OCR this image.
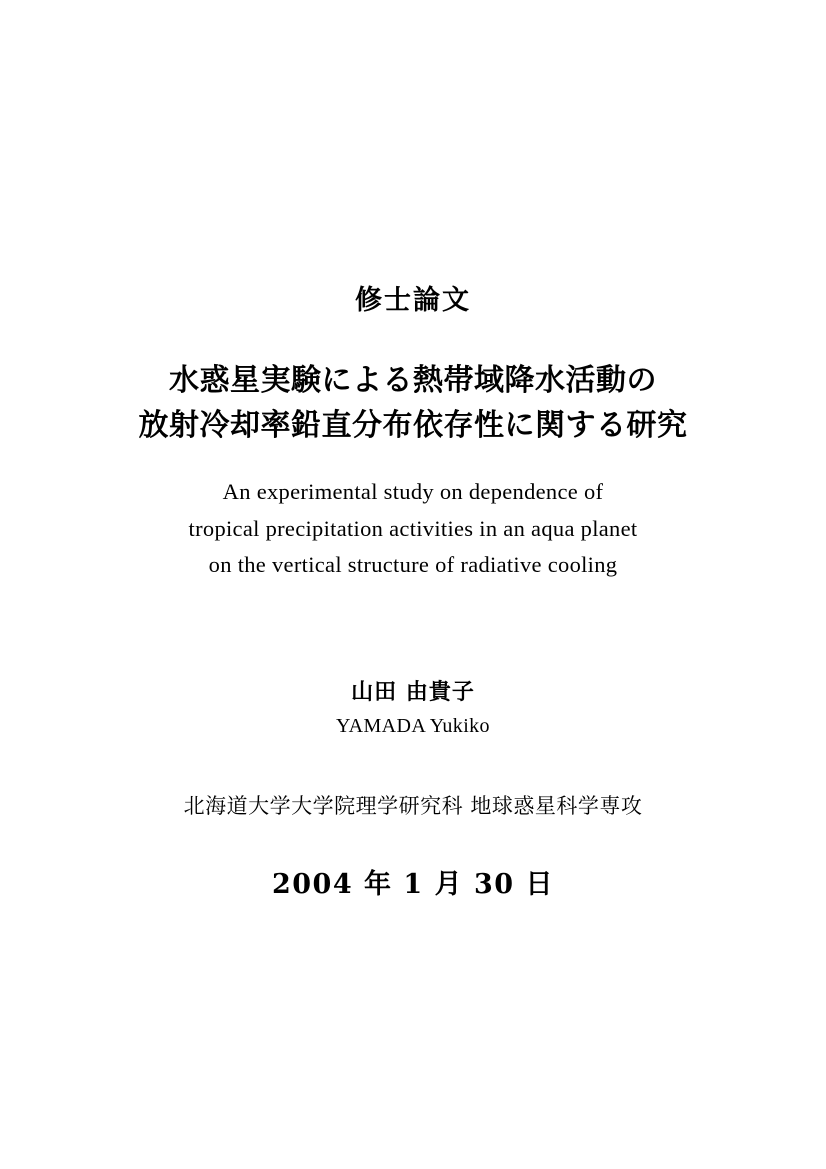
修士論文
水惑星実験による熱帯域降水活動の
放射冷却率鉛直分布依存性に関する研究
An experimental study on dependence of
tropical precipitation activities in an aqua planet
on the vertical structure of radiative cooling
山田 由貴子
YAMADA Yukiko
北海道大学大学院理学研究科 地球惑星科学専攻
2004 年 1 月 30 日
